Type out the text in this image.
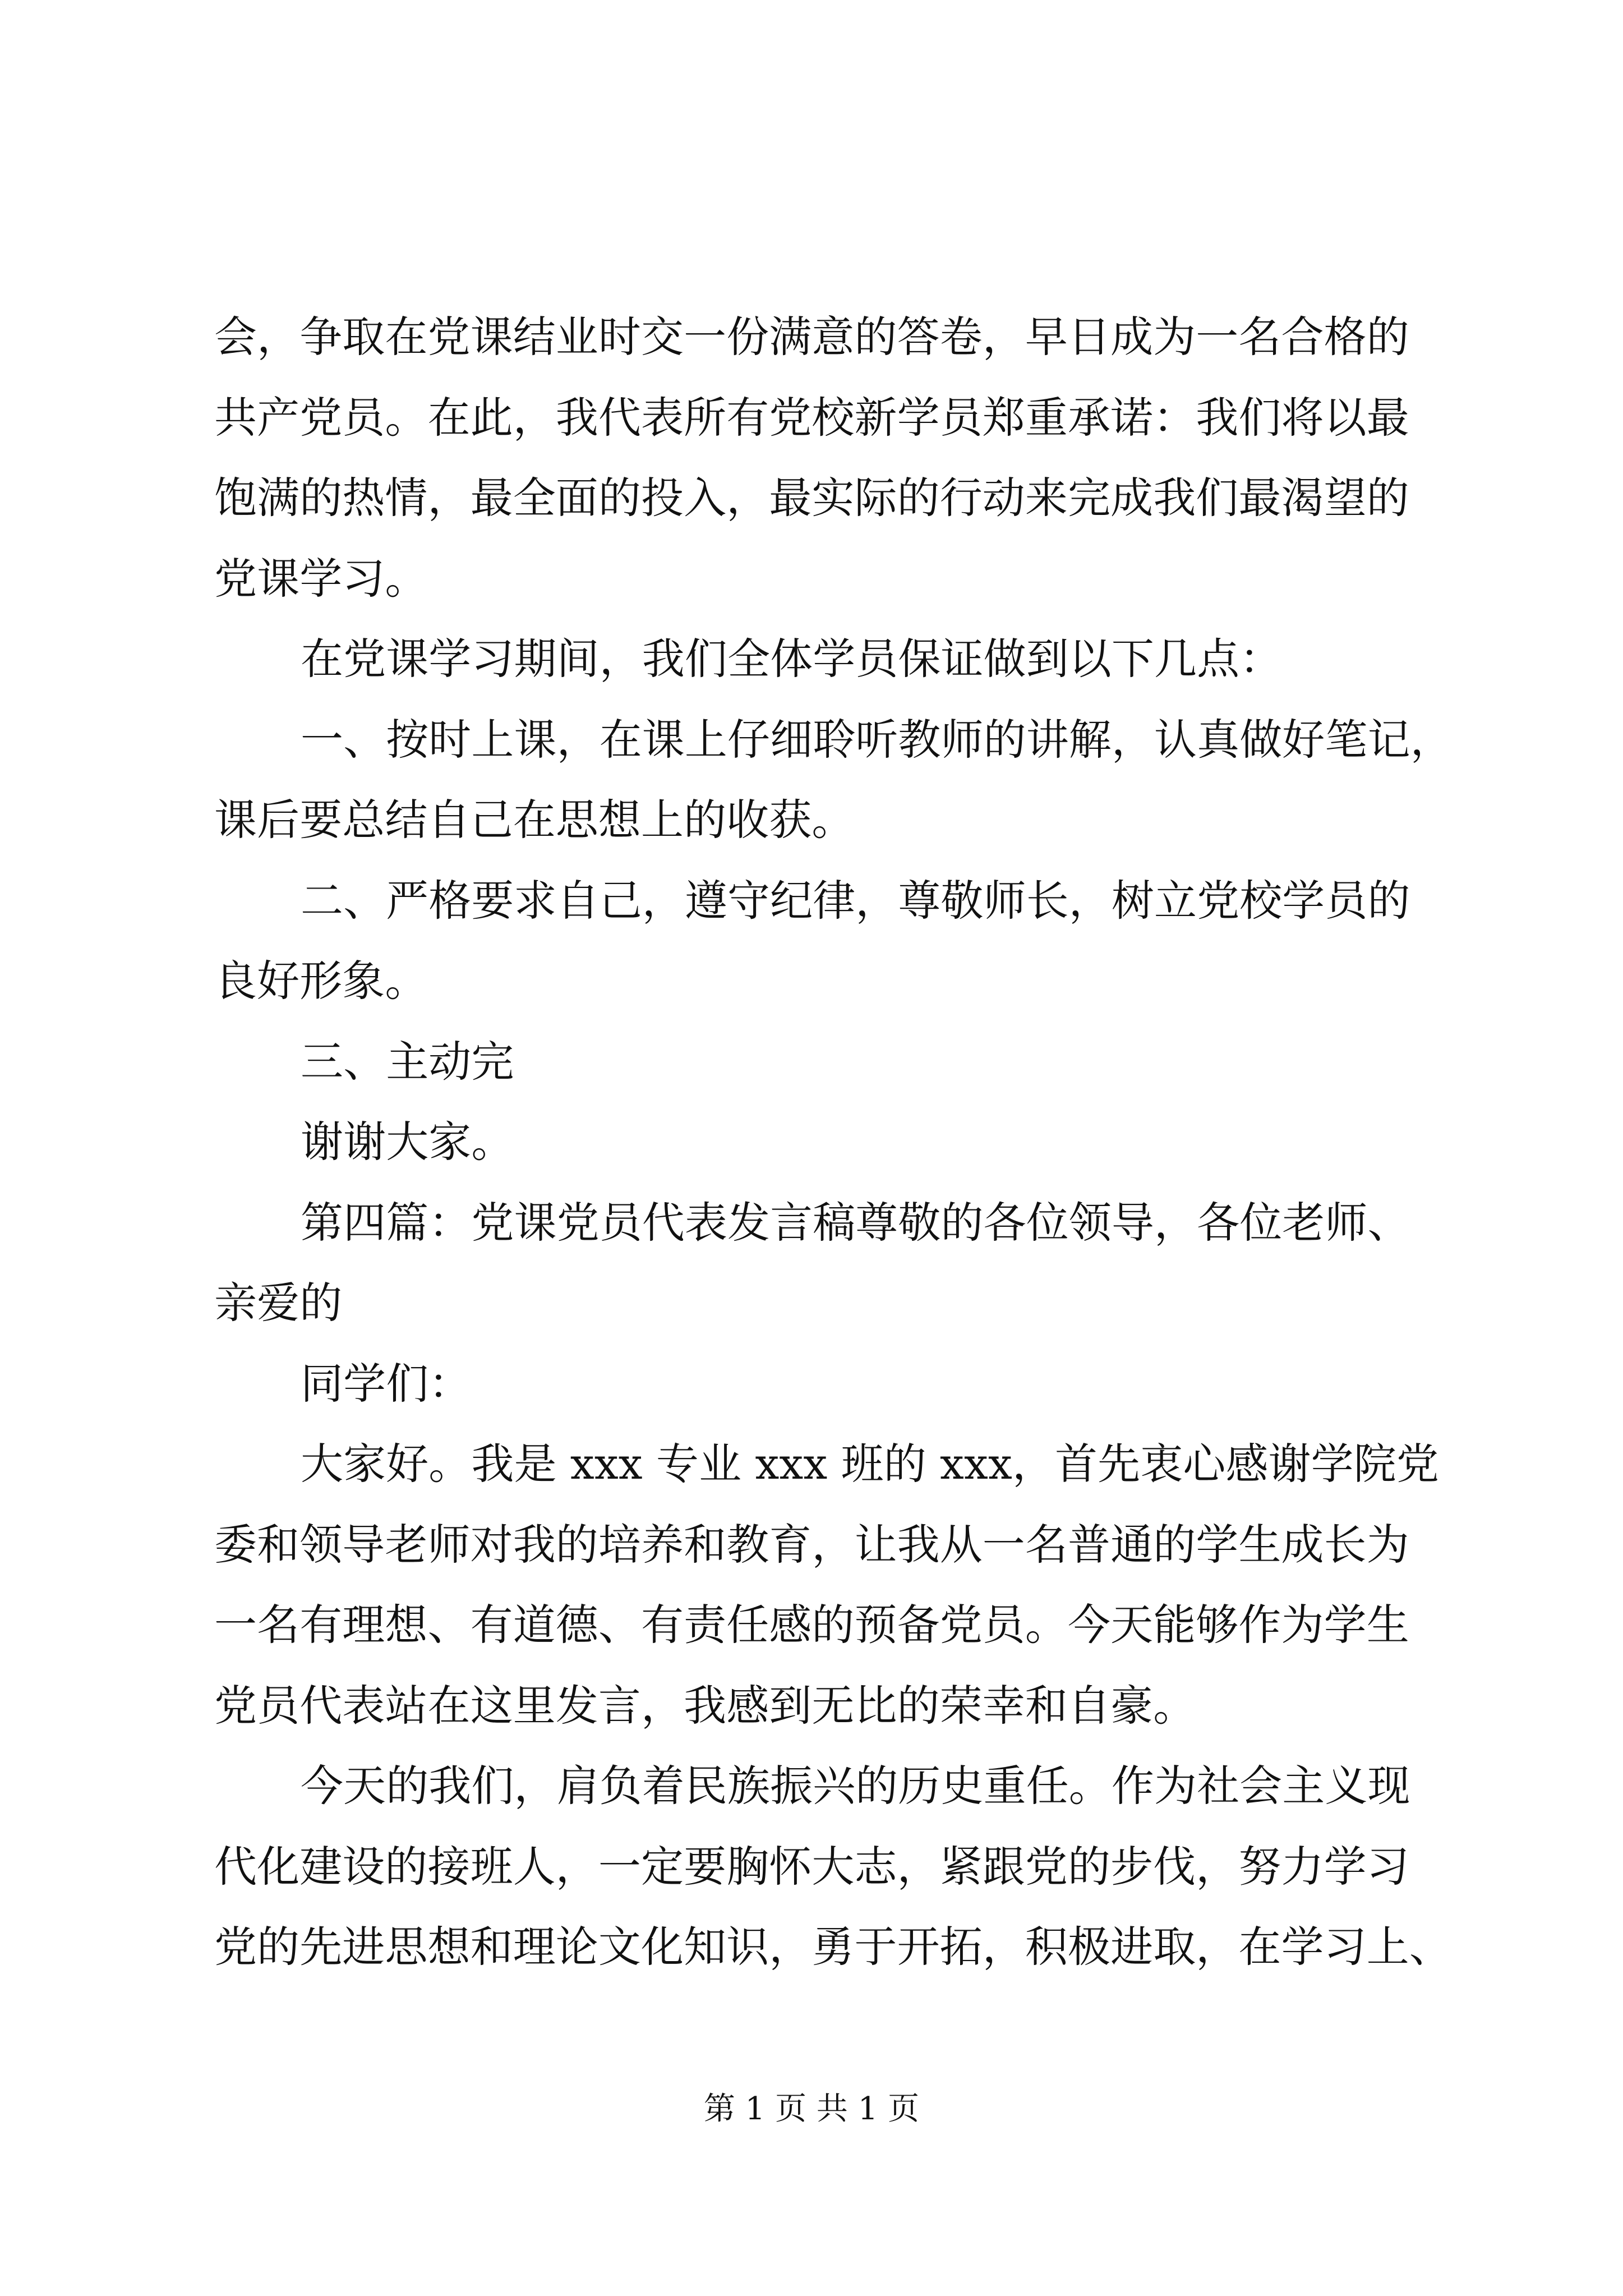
会，争取在党课结业时交一份满意的答卷，早日成为一名合格的

共产党员。在此，我代表所有党校新学员郑重承诺：我们将以最

饱满的热情，最全面的投入，最实际的行动来完成我们最渴望的

党课学习。

在党课学习期间，我们全体学员保证做到以下几点：

一、按时上课，在课上仔细聆听教师的讲解，认真做好笔记，

课后要总结自己在思想上的收获。

二、严格要求自己，遵守纪律，尊敬师长，树立党校学员的

良好形象。

三、主动完

谢谢大家。

第四篇：党课党员代表发言稿尊敬的各位领导，各位老师、

亲爱的

同学们：

大家好。我是 xxx 专业 xxx 班的 xxx，首先衷心感谢学院党

委和领导老师对我的培养和教育，让我从一名普通的学生成长为

一名有理想、有道德、有责任感的预备党员。今天能够作为学生

党员代表站在这里发言，我感到无比的荣幸和自豪。

今天的我们，肩负着民族振兴的历史重任。作为社会主义现

代化建设的接班人，一定要胸怀大志，紧跟党的步伐，努力学习

党的先进思想和理论文化知识，勇于开拓，积极进取，在学习上、

第 1 页 共 1 页
